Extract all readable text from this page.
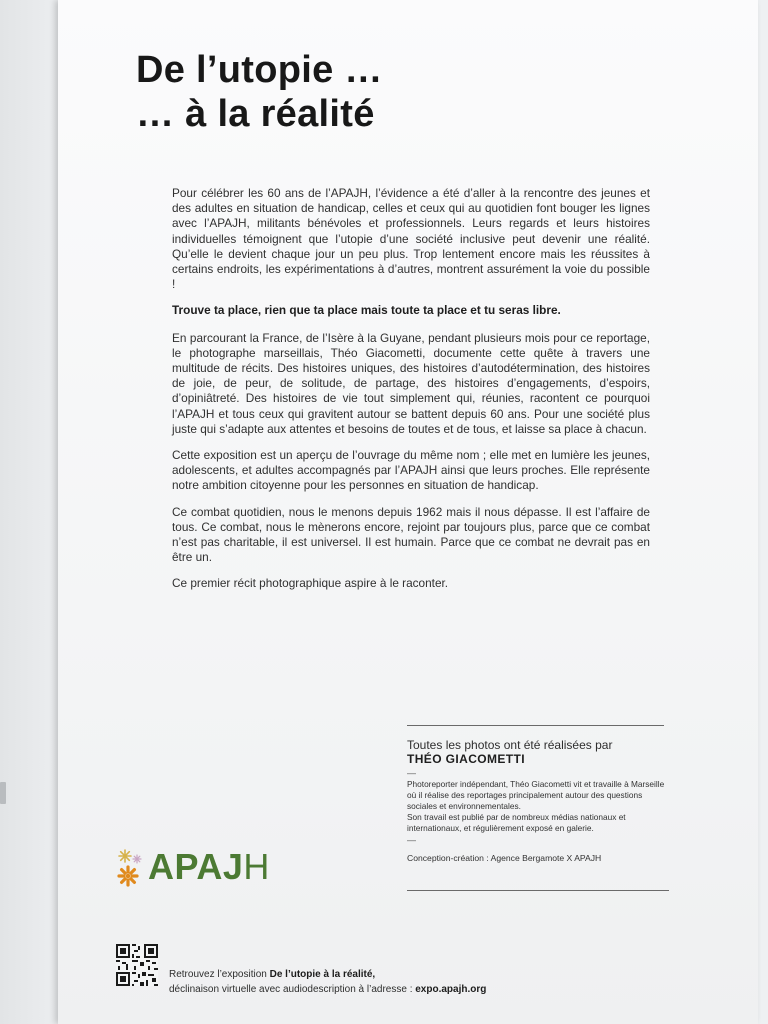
De l’utopie …
… à la réalité

Pour célébrer les 60 ans de l’APAJH, l’évidence a été d’aller à la rencontre des jeunes et des adultes en situation de handicap, celles et ceux qui au quotidien font bouger les lignes avec l’APAJH, militants bénévoles et professionnels. Leurs regards et leurs histoires individuelles témoignent que l’utopie d’une société inclusive peut devenir une réalité. Qu’elle le devient chaque jour un peu plus. Trop lentement encore mais les réussites à certains endroits, les expérimentations à d’autres, montrent assurément la voie du possible !

Trouve ta place, rien que ta place mais toute ta place et tu seras libre.

En parcourant la France, de l’Isère à la Guyane, pendant plusieurs mois pour ce reportage, le photographe marseillais, Théo Giacometti, documente cette quête à travers une multitude de récits. Des histoires uniques, des histoires d’autodétermination, des histoires de joie, de peur, de solitude, de partage, des histoires d’engagements, d’espoirs, d’opiniâtreté. Des histoires de vie tout simplement qui, réunies, racontent ce pourquoi l’APAJH et tous ceux qui gravitent autour se battent depuis 60 ans. Pour une société plus juste qui s’adapte aux attentes et besoins de toutes et de tous, et laisse sa place à chacun.

Cette exposition est un aperçu de l’ouvrage du même nom ; elle met en lumière les jeunes, adolescents, et adultes accompagnés par l’APAJH ainsi que leurs proches. Elle représente notre ambition citoyenne pour les personnes en situation de handicap.

Ce combat quotidien, nous le menons depuis 1962 mais il nous dépasse. Il est l’affaire de tous. Ce combat, nous le mènerons encore, rejoint par toujours plus, parce que ce combat n’est pas charitable, il est universel. Il est humain. Parce que ce combat ne devrait pas en être un.

Ce premier récit photographique aspire à le raconter.

Toutes les photos ont été réalisées par
THÉO GIACOMETTI
—
Photoreporter indépendant, Théo Giacometti vit et travaille à Marseille où il réalise des reportages principalement autour des questions sociales et environnementales.
Son travail est publié par de nombreux médias nationaux et internationaux, et régulièrement exposé en galerie.
—
Conception-création : Agence Bergamote X APAJH
APAJH
Retrouvez l’exposition De l’utopie à la réalité,
déclinaison virtuelle avec audiodescription à l’adresse : expo.apajh.org
